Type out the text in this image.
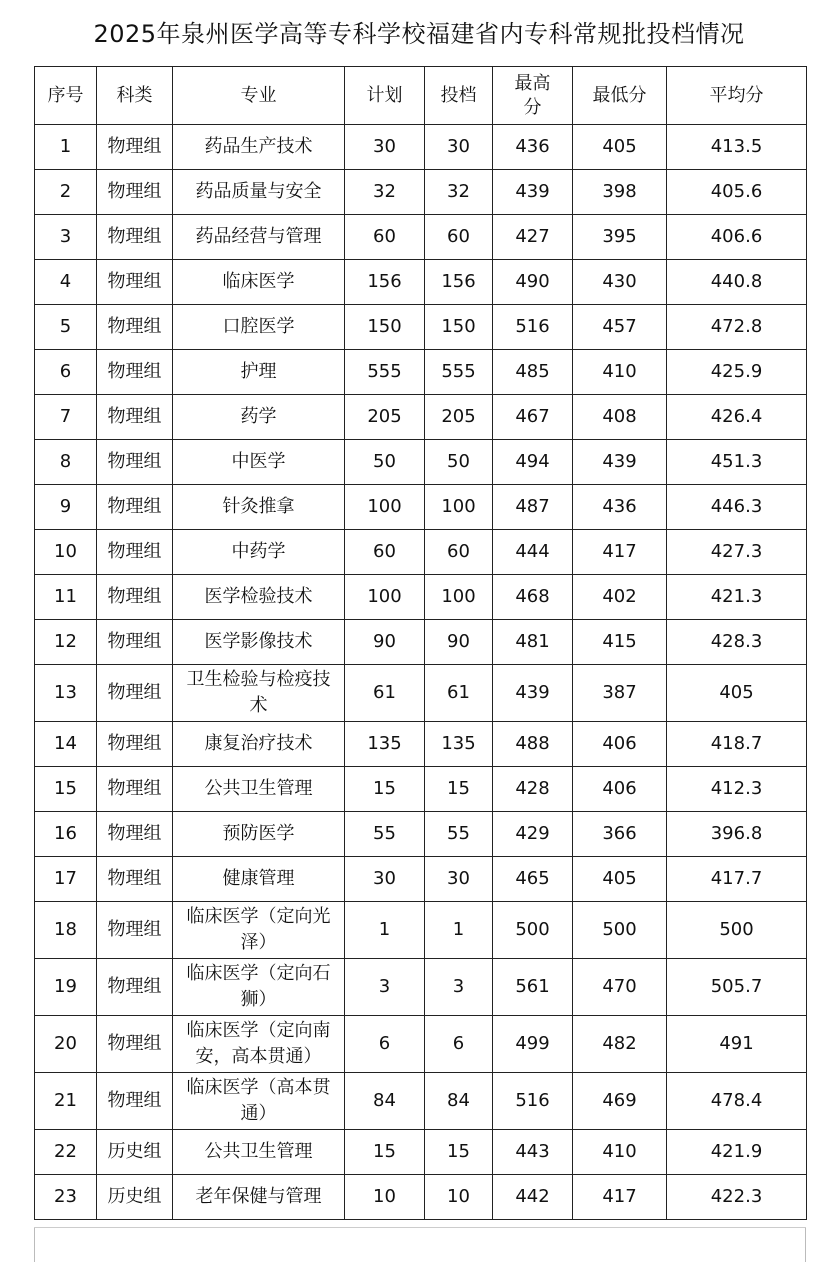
2025年泉州医学高等专科学校福建省内专科常规批投档情况
序号	科类	专业	计划	投档	最高分	最低分	平均分
1	物理组	药品生产技术	30	30	436	405	413.5
2	物理组	药品质量与安全	32	32	439	398	405.6
3	物理组	药品经营与管理	60	60	427	395	406.6
4	物理组	临床医学	156	156	490	430	440.8
5	物理组	口腔医学	150	150	516	457	472.8
6	物理组	护理	555	555	485	410	425.9
7	物理组	药学	205	205	467	408	426.4
8	物理组	中医学	50	50	494	439	451.3
9	物理组	针灸推拿	100	100	487	436	446.3
10	物理组	中药学	60	60	444	417	427.3
11	物理组	医学检验技术	100	100	468	402	421.3
12	物理组	医学影像技术	90	90	481	415	428.3
13	物理组	卫生检验与检疫技术	61	61	439	387	405
14	物理组	康复治疗技术	135	135	488	406	418.7
15	物理组	公共卫生管理	15	15	428	406	412.3
16	物理组	预防医学	55	55	429	366	396.8
17	物理组	健康管理	30	30	465	405	417.7
18	物理组	临床医学（定向光泽）	1	1	500	500	500
19	物理组	临床医学（定向石狮）	3	3	561	470	505.7
20	物理组	临床医学（定向南安，高本贯通）	6	6	499	482	491
21	物理组	临床医学（高本贯通）	84	84	516	469	478.4
22	历史组	公共卫生管理	15	15	443	410	421.9
23	历史组	老年保健与管理	10	10	442	417	422.3
